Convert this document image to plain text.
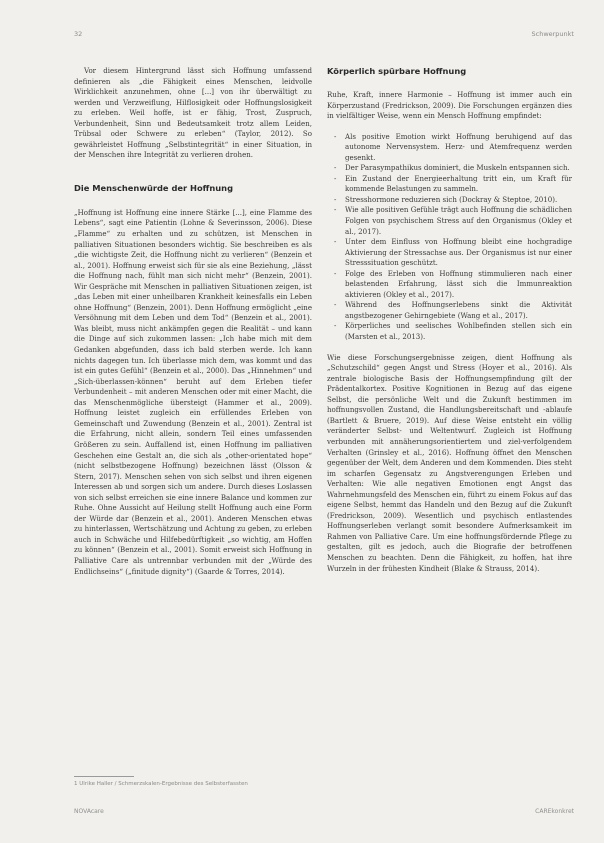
32	Schwerpunkt

Vor diesem Hintergrund lässt sich Hoffnung umfassend definieren als „die Fähigkeit eines Menschen, leidvolle Wirklichkeit anzunehmen, ohne [...] von ihr überwältigt zu werden und Verzweiflung, Hilflosigkeit oder Hoffnungslosigkeit zu erleben. Weil hoffe, ist er fähig, Trost, Zuspruch, Verbundenheit, Sinn und Bedeutsamkeit trotz allem Leiden, Trübsal oder Schwere zu erleben“ (Taylor, 2012). So gewährleistet Hoffnung „Selbstintegrität“ in einer Situation, in der Menschen ihre Integrität zu verlieren drohen.

Die Menschenwürde der Hoffnung

„Hoffnung ist Hoffnung eine innere Stärke [...], eine Flamme des Lebens“, sagt eine Patientin (Lohne & Severinsson, 2006). Diese „Flamme“ zu erhalten und zu schützen, ist Menschen in palliativen Situationen besonders wichtig. Sie beschreiben es als „die wichtigste Zeit, die Hoffnung nicht zu verlieren“ (Benzein et al., 2001). Hoffnung erweist sich für sie als eine Beziehung, „lässt die Hoffnung nach, fühlt man sich nicht mehr“ (Benzein, 2001). Wir Gespräche mit Menschen in palliativen Situationen zeigen, ist „das Leben mit einer unheilbaren Krankheit keinesfalls ein Leben ohne Hoffnung“ (Benzein, 2001). Denn Hoffnung ermöglicht „eine Versöhnung mit dem Leben und dem Tod“ (Benzein et al., 2001). Was bleibt, muss nicht ankämpfen gegen die Realität – und kann die Dinge auf sich zukommen lassen: „Ich habe mich mit dem Gedanken abgefunden, dass ich bald sterben werde. Ich kann nichts dagegen tun. Ich überlasse mich dem, was kommt und das ist ein gutes Gefühl“ (Benzein et al., 2000). Das „Hinnehmen“ und „Sich-überlassen-können“ beruht auf dem Erleben tiefer Verbundenheit – mit anderen Menschen oder mit einer Macht, die das Menschenmögliche übersteigt (Hammer et al., 2009). Hoffnung leistet zugleich ein erfüllendes Erleben von Gemeinschaft und Zuwendung (Benzein et al., 2001). Zentral ist die Erfahrung, nicht allein, sondern Teil eines umfassenden Größeren zu sein. Auffallend ist, einen Hoffnung im palliativen Geschehen eine Gestalt an, die sich als „other-orientated hope“ (nicht selbstbezogene Hoffnung) bezeichnen lässt (Olsson & Stern, 2017). Menschen sehen von sich selbst und ihren eigenen Interessen ab und sorgen sich um andere. Durch dieses Loslassen von sich selbst erreichen sie eine innere Balance und kommen zur Ruhe. Ohne Aussicht auf Heilung stellt Hoffnung auch eine Form der Würde dar (Benzein et al., 2001). Anderen Menschen etwas zu hinterlassen, Wertschätzung und Achtung zu geben, zu erleben auch in Schwäche und Hilfebedürftigkeit „so wichtig, am Hoffen zu können“ (Benzein et al., 2001). Somit erweist sich Hoffnung in Palliative Care als untrennbar verbunden mit der „Würde des Endlichseins“ („finitude dignity“) (Gaarde & Torres, 2014).

Körperlich spürbare Hoffnung

Ruhe, Kraft, innere Harmonie – Hoffnung ist immer auch ein Körperzustand (Fredrickson, 2009). Die Forschungen ergänzen dies in vielfältiger Weise, wenn ein Mensch Hoffnung empfindet:

- Als positive Emotion wirkt Hoffnung beruhigend auf das autonome Nervensystem. Herz- und Atemfrequenz werden gesenkt.
- Der Parasympathikus dominiert, die Muskeln entspannen sich.
- Ein Zustand der Energieerhaltung tritt ein, um Kraft für kommende Belastungen zu sammeln.
- Stresshormone reduzieren sich (Dockray & Steptoe, 2010).
- Wie alle positiven Gefühle trägt auch Hoffnung die schädlichen Folgen von psychischem Stress auf den Organismus (Okley et al., 2017).
- Unter dem Einfluss von Hoffnung bleibt eine hochgradige Aktivierung der Stressachse aus. Der Organismus ist nur einer Stresssituation geschützt.
- Folge des Erleben von Hoffnung stimmulieren nach einer belastenden Erfahrung, lässt sich die Immunreaktion aktivieren (Okley et al., 2017).
- Während des Hoffnungserlebens sinkt die Aktivität angstbezogener Gehirngebiete (Wang et al., 2017).
- Körperliches und seelisches Wohlbefinden stellen sich ein (Marsten et al., 2013).

Wie diese Forschungsergebnisse zeigen, dient Hoffnung als „Schutzschild“ gegen Angst und Stress (Hoyer et al., 2016). Als zentrale biologische Basis der Hoffnungsempfindung gilt der Prädentalkortex. Positive Kognitionen in Bezug auf das eigene Selbst, die persönliche Welt und die Zukunft bestimmen im hoffnungsvollen Zustand, die Handlungsbereitschaft und -ablaufe (Bartlett & Bruere, 2019). Auf diese Weise entsteht ein völlig veränderter Selbst- und Weltentwurf. Zugleich ist Hoffnung verbunden mit annäherungsorientiertem und ziel-verfolgendem Verhalten (Grinsley et al., 2016). Hoffnung öffnet den Menschen gegenüber der Welt, dem Anderen und dem Kommenden. Dies steht im scharfen Gegensatz zu Angstverengungen Erleben und Verhalten: Wie alle negativen Emotionen engt Angst das Wahrnehmungsfeld des Menschen ein, führt zu einem Fokus auf das eigene Selbst, hemmt das Handeln und den Bezug auf die Zukunft (Fredrickson, 2009). Wesentlich und psychisch entlastendes Hoffnungserleben verlangt somit besondere Aufmerksamkeit im Rahmen von Palliative Care. Um eine hoffnungsfördernde Pflege zu gestalten, gilt es jedoch, auch die Biografie der betroffenen Menschen zu beachten. Denn die Fähigkeit, zu hoffen, hat ihre Wurzeln in der frühesten Kindheit (Blake & Strauss, 2014).

1 Ulrike Haller / Schmerzskalen-Ergebnisse des Selbsterfassten
NOVAcare	CAREkonkret
